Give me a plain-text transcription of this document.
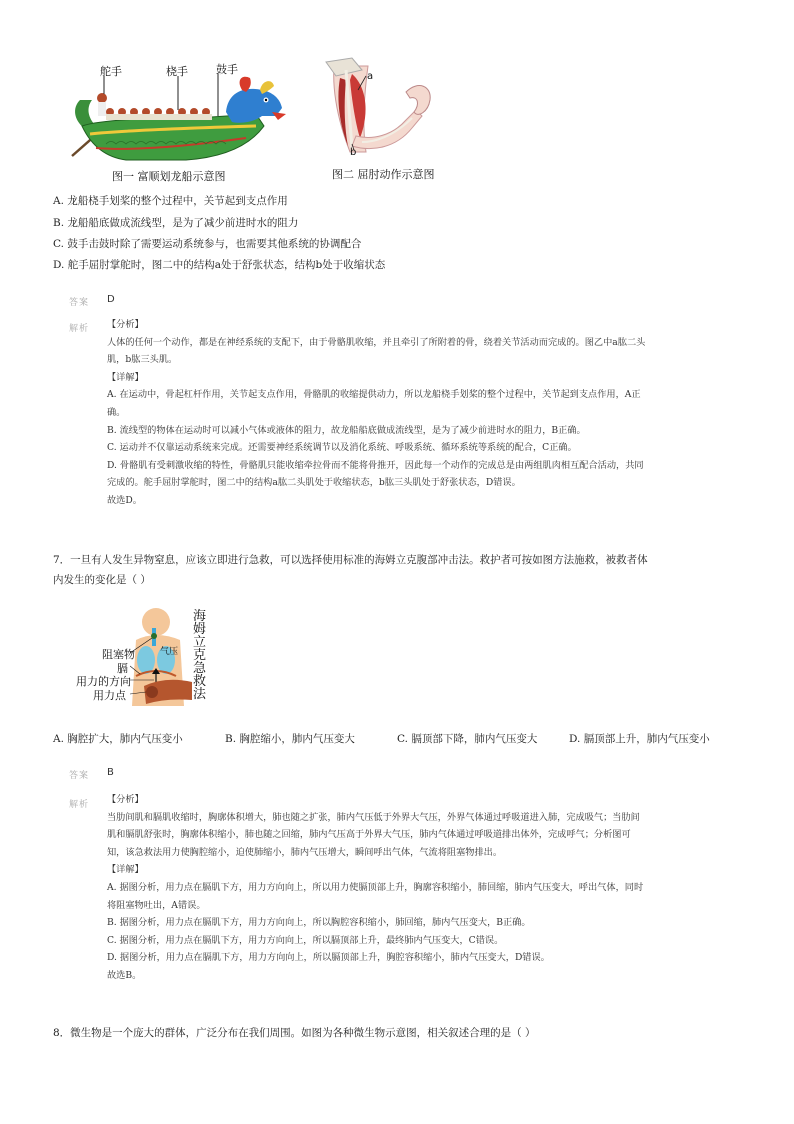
舵手	桡手	鼓手
图一 富顺划龙船示意图
a
b
图二 屈肘动作示意图
A. 龙船桡手划桨的整个过程中，关节起到支点作用
B. 龙船船底做成流线型，是为了减少前进时水的阻力
C. 鼓手击鼓时除了需要运动系统参与，也需要其他系统的协调配合
D. 舵手屈肘掌舵时，图二中的结构a处于舒张状态，结构b处于收缩状态
答案 D
解析 【分析】

人体的任何一个动作，都是在神经系统的支配下，由于骨骼肌收缩，并且牵引了所附着的骨，绕着关节活动而完成的。图乙中a肱二头

肌，b肱三头肌。

【详解】

A. 在运动中，骨起杠杆作用，关节起支点作用，骨骼肌的收缩提供动力，所以龙船桡手划桨的整个过程中，关节起到支点作用，A正

确。

B. 流线型的物体在运动时可以减小气体或液体的阻力，故龙船船底做成流线型，是为了减少前进时水的阻力，B正确。

C. 运动并不仅靠运动系统来完成。还需要神经系统调节以及消化系统、呼吸系统、循环系统等系统的配合，C正确。

D. 骨骼肌有受刺激收缩的特性，骨骼肌只能收缩牵拉骨而不能将骨推开，因此每一个动作的完成总是由两组肌肉相互配合活动，共同

完成的。舵手屈肘掌舵时，图二中的结构a肱二头肌处于收缩状态，b肱三头肌处于舒张状态，D错误。

故选D。

7．一旦有人发生异物窒息，应该立即进行急救，可以选择使用标准的海姆立克腹部冲击法。救护者可按如图方法施救，被救者体
内发生的变化是（ ）
气压
阻塞物
膈
用力的方向
用力点
海姆立克急救法
A. 胸腔扩大，肺内气压变小	B. 胸腔缩小，肺内气压变大	C. 膈顶部下降，肺内气压变大	D. 膈顶部上升，肺内气压变小
答案 B
解析 【分析】

当肋间肌和膈肌收缩时，胸廓体积增大，肺也随之扩张，肺内气压低于外界大气压，外界气体通过呼吸道进入肺，完成吸气；当肋间

肌和膈肌舒张时，胸廓体积缩小，肺也随之回缩，肺内气压高于外界大气压，肺内气体通过呼吸道排出体外，完成呼气；分析图可

知，该急救法用力使胸腔缩小，迫使肺缩小，肺内气压增大，瞬间呼出气体，气流将阻塞物排出。

【详解】

A. 据图分析，用力点在膈肌下方，用力方向向上，所以用力使膈顶部上升，胸廓容积缩小，肺回缩，肺内气压变大，呼出气体，同时

将阻塞物吐出，A错误。

B. 据图分析，用力点在膈肌下方，用力方向向上，所以胸腔容积缩小，肺回缩，肺内气压变大，B正确。

C. 据图分析，用力点在膈肌下方，用力方向向上，所以膈顶部上升，最终肺内气压变大，C错误。

D. 据图分析，用力点在膈肌下方，用力方向向上，所以膈顶部上升，胸腔容积缩小，肺内气压变大，D错误。

故选B。

8．微生物是一个庞大的群体，广泛分布在我们周围。如图为各种微生物示意图，相关叙述合理的是（ ）
